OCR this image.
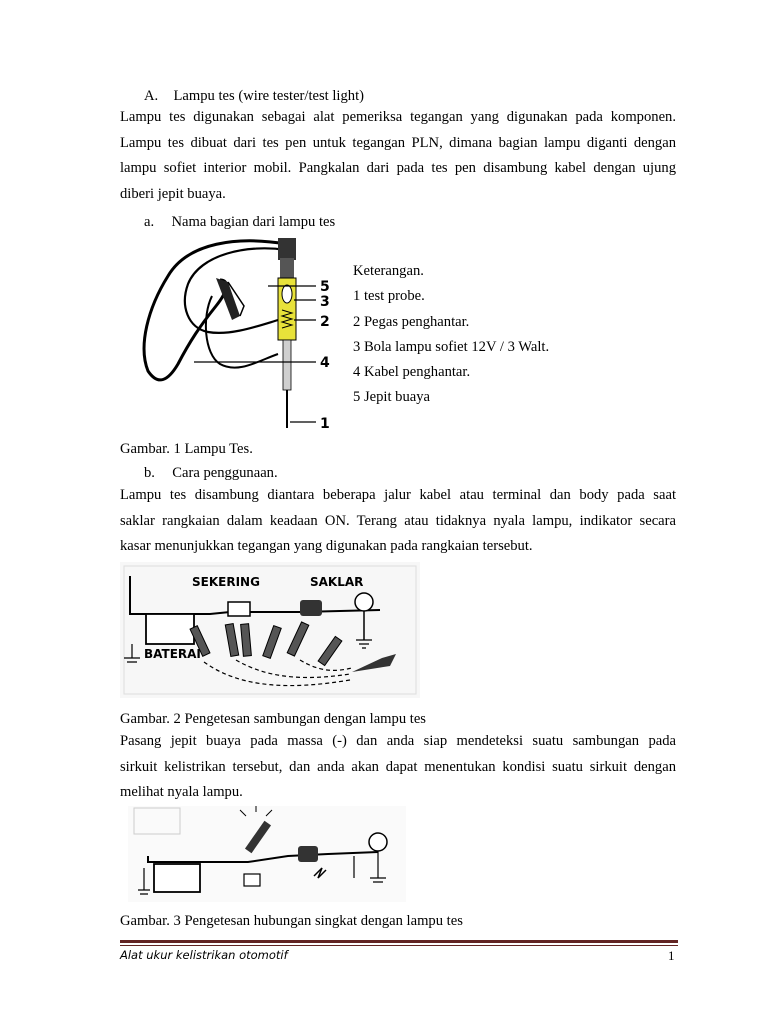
A. Lampu tes (wire tester/test light)
Lampu tes digunakan sebagai alat pemeriksa tegangan yang digunakan pada komponen.
Lampu tes dibuat dari tes pen untuk tegangan PLN, dimana bagian lampu diganti dengan
lampu sofiet interior mobil. Pangkalan dari pada tes pen disambung kabel dengan ujung
diberi jepit buaya.
a. Nama bagian dari lampu tes
5
3
2
4
1
Keterangan.
1 test probe.
2 Pegas penghantar.
3 Bola lampu sofiet 12V / 3 Walt.
4 Kabel penghantar.
5 Jepit buaya
Gambar. 1 Lampu Tes.
b. Cara penggunaan.
Lampu tes disambung diantara beberapa jalur kabel atau terminal dan body pada saat
saklar rangkaian dalam keadaan ON. Terang atau tidaknya nyala lampu, indikator secara
kasar menunjukkan tegangan yang digunakan pada rangkaian tersebut.
SEKERING	SAKLAR
BATERAI
Gambar. 2 Pengetesan sambungan dengan lampu tes
Pasang jepit buaya pada massa (-) dan anda siap mendeteksi suatu sambungan pada
sirkuit kelistrikan tersebut, dan anda akan dapat menentukan kondisi suatu sirkuit dengan
melihat nyala lampu.
Gambar. 3 Pengetesan hubungan singkat dengan lampu tes
Alat ukur kelistrikan otomotif	1
